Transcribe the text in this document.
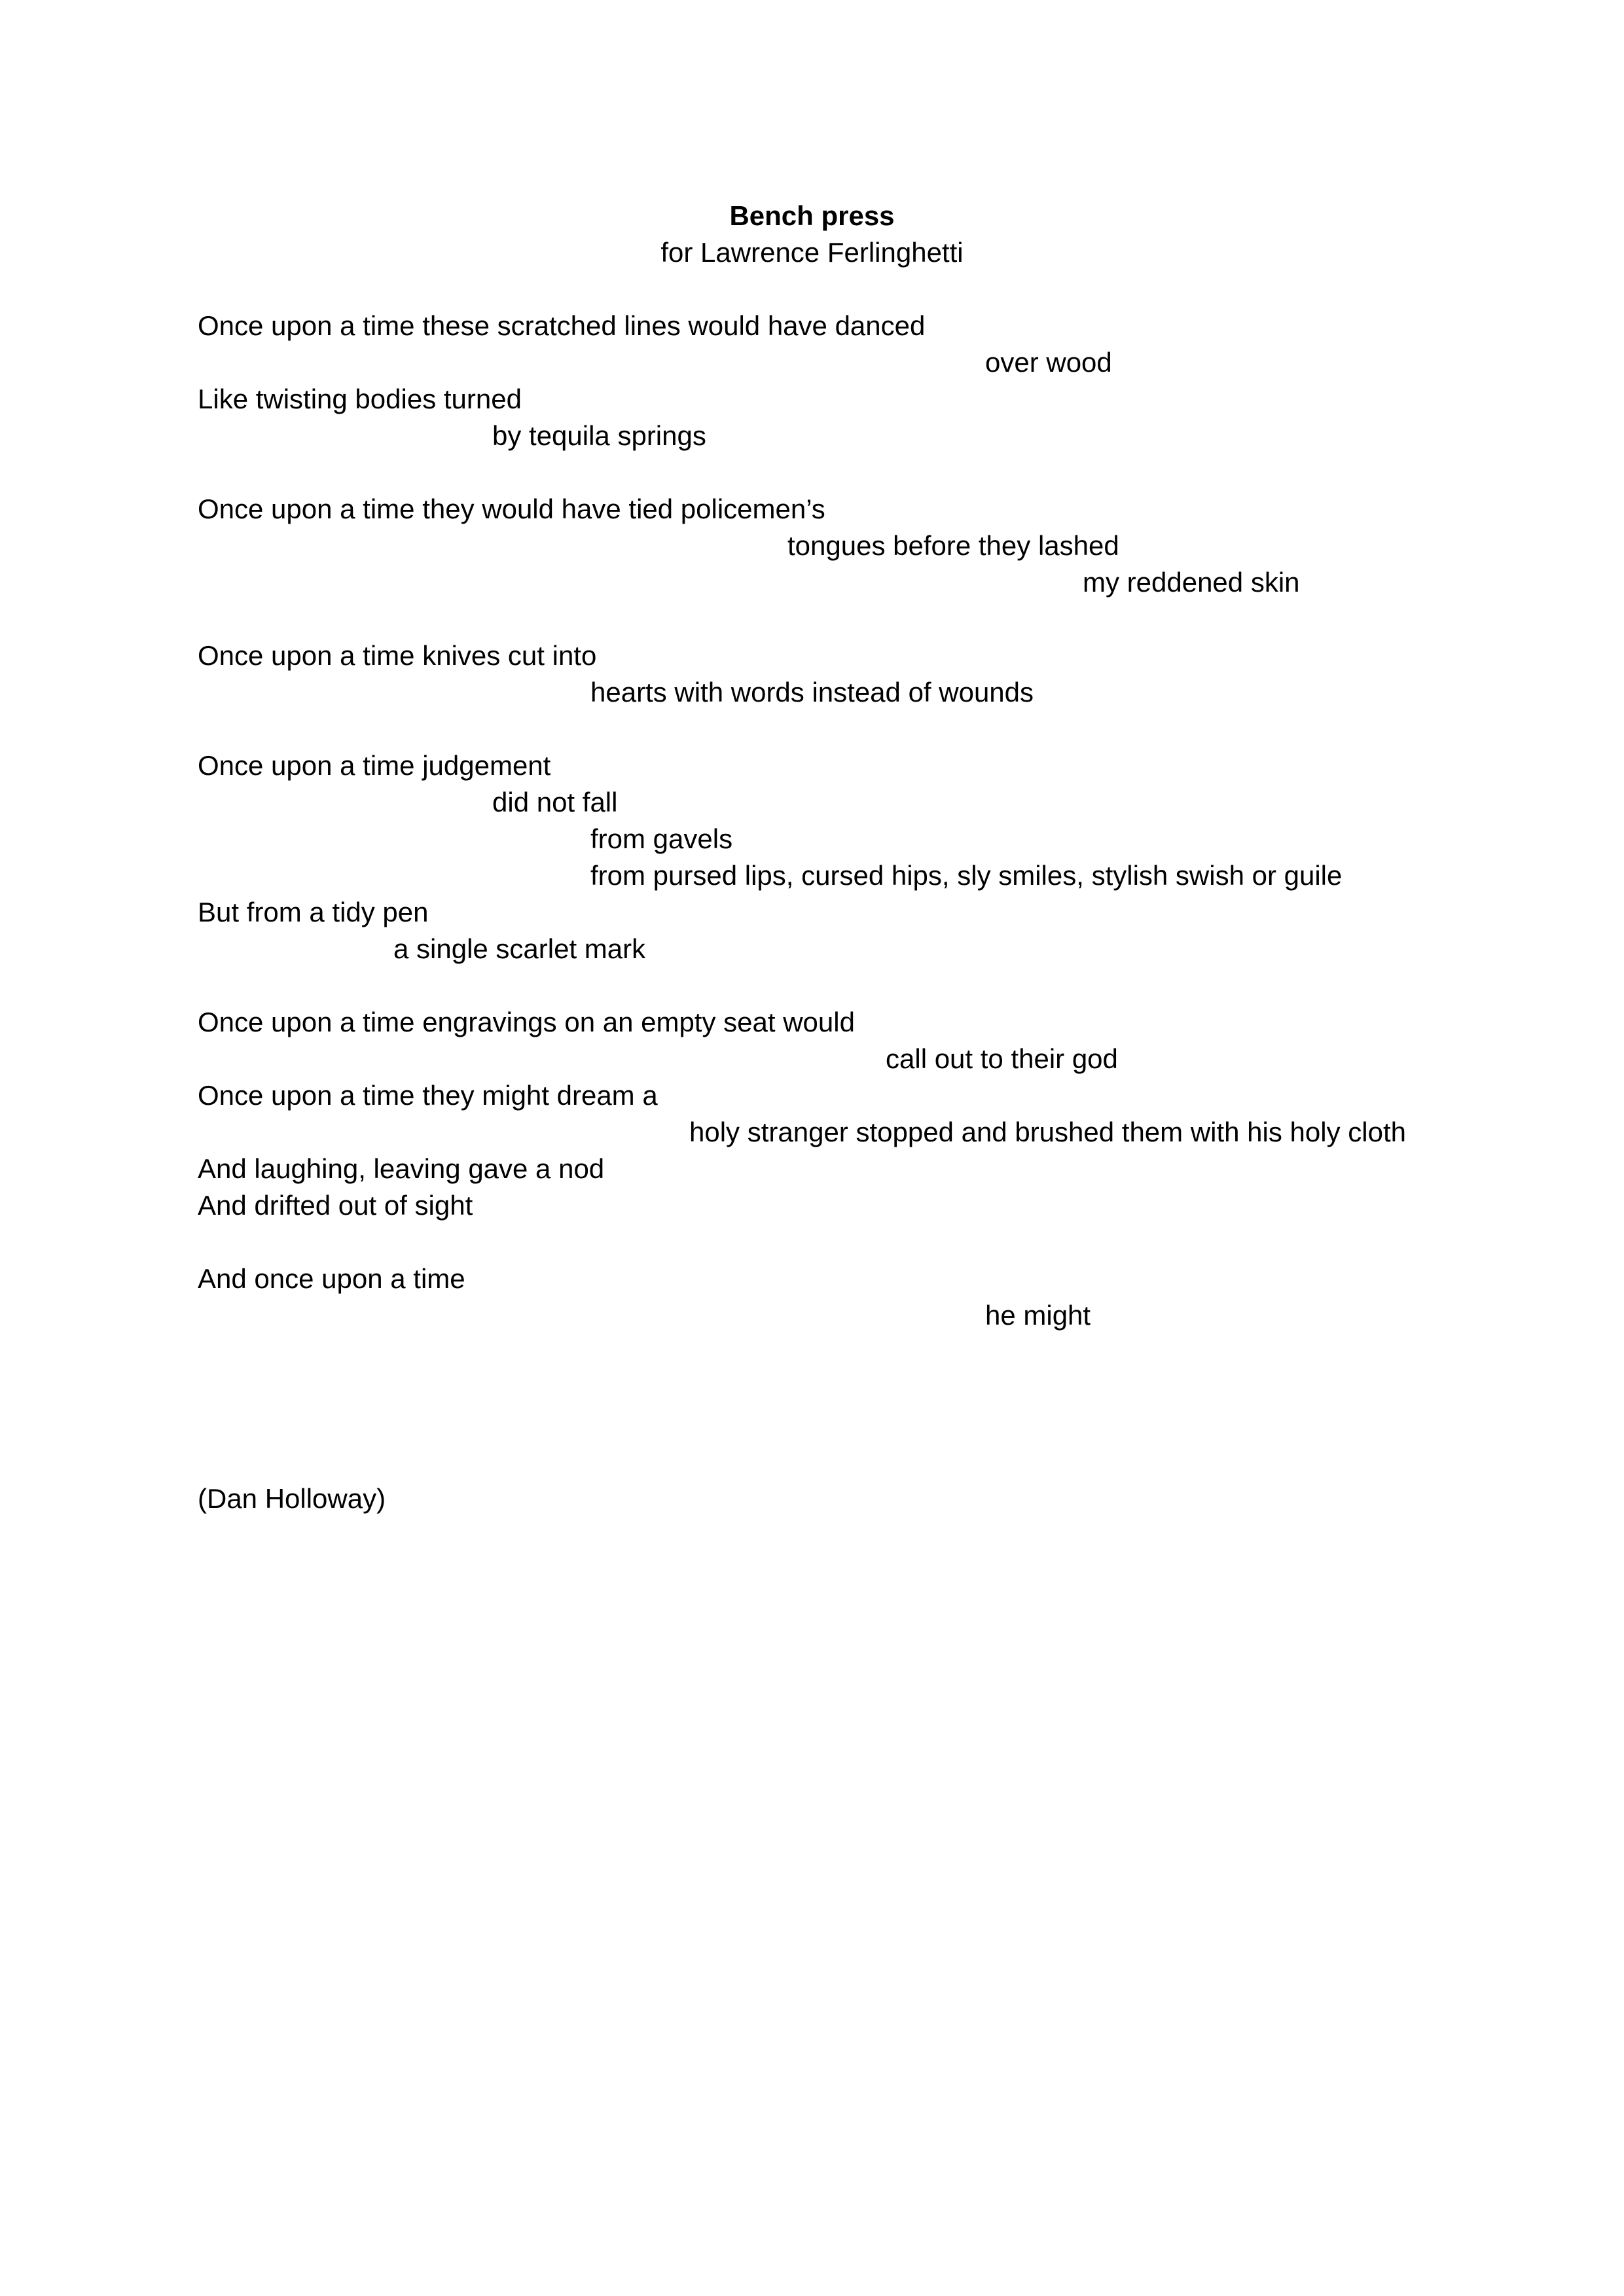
Bench press

for Lawrence Ferlinghetti

Once upon a time these scratched lines would have danced

over wood

Like twisting bodies turned

by tequila springs

Once upon a time they would have tied policemen’s

tongues before they lashed

my reddened skin

Once upon a time knives cut into

hearts with words instead of wounds

Once upon a time judgement

did not fall

from gavels

from pursed lips, cursed hips, sly smiles, stylish swish or guile

But from a tidy pen

a single scarlet mark

Once upon a time engravings on an empty seat would

call out to their god

Once upon a time they might dream a

holy stranger stopped and brushed them with his holy cloth

And laughing, leaving gave a nod

And drifted out of sight

And once upon a time

he might

(Dan Holloway)
